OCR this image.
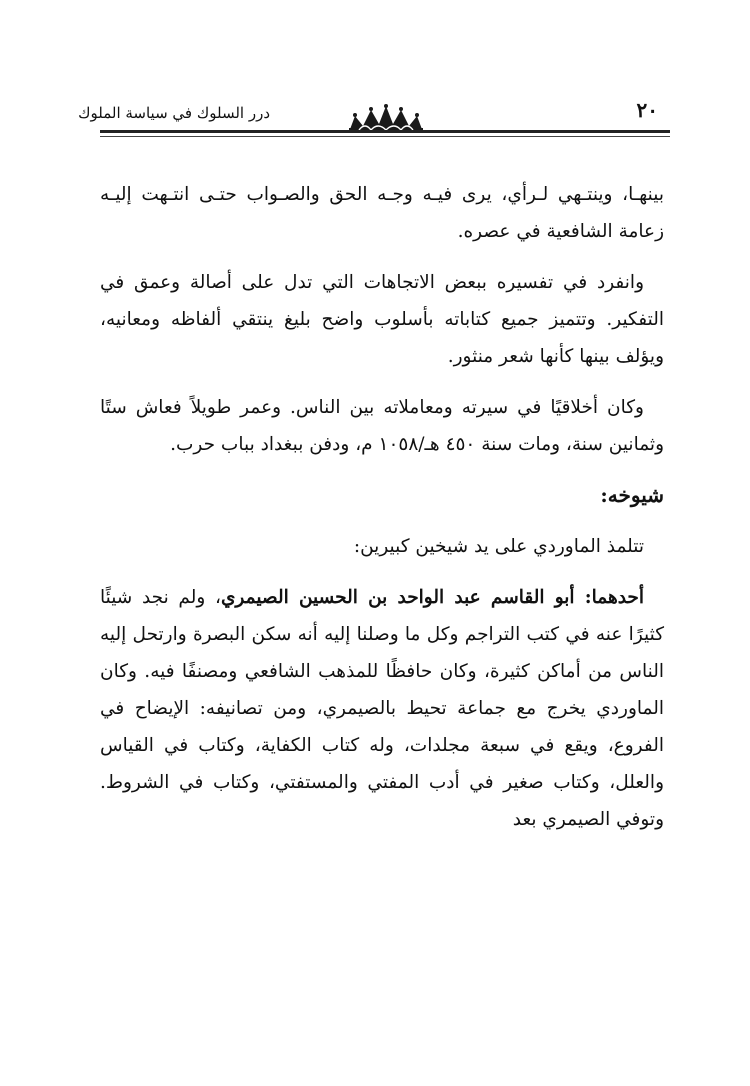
درر السلوك في سياسة الملوك	٢٠

بينهـا، وينتـهي لـرأي، يرى فيـه وجـه الحق والصـواب حتـى انتـهت إليـه زعامة الشافعية في عصره.

وانفرد في تفسيره ببعض الاتجاهات التي تدل على أصالة وعمق في التفكير. وتتميز جميع كتاباته بأسلوب واضح بليغ ينتقي ألفاظه ومعانيه، ويؤلف بينها كأنها شعر منثور.

وكان أخلاقيًا في سيرته ومعاملاته بين الناس. وعمر طويلاً فعاش ستًا وثمانين سنة، ومات سنة ٤٥٠ هـ/١٠٥٨ م، ودفن ببغداد بباب حرب.

شيوخه:

تتلمذ الماوردي على يد شيخين كبيرين:

أحدهما: أبو القاسم عبد الواحد بن الحسين الصيمري، ولم نجد شيئًا كثيرًا عنه في كتب التراجم وكل ما وصلنا إليه أنه سكن البصرة وارتحل إليه الناس من أماكن كثيرة، وكان حافظًا للمذهب الشافعي ومصنفًا فيه. وكان الماوردي يخرج مع جماعة تحيط بالصيمري، ومن تصانيفه: الإيضاح في الفروع، ويقع في سبعة مجلدات، وله كتاب الكفاية، وكتاب في القياس والعلل، وكتاب صغير في أدب المفتي والمستفتي، وكتاب في الشروط. وتوفي الصيمري بعد
